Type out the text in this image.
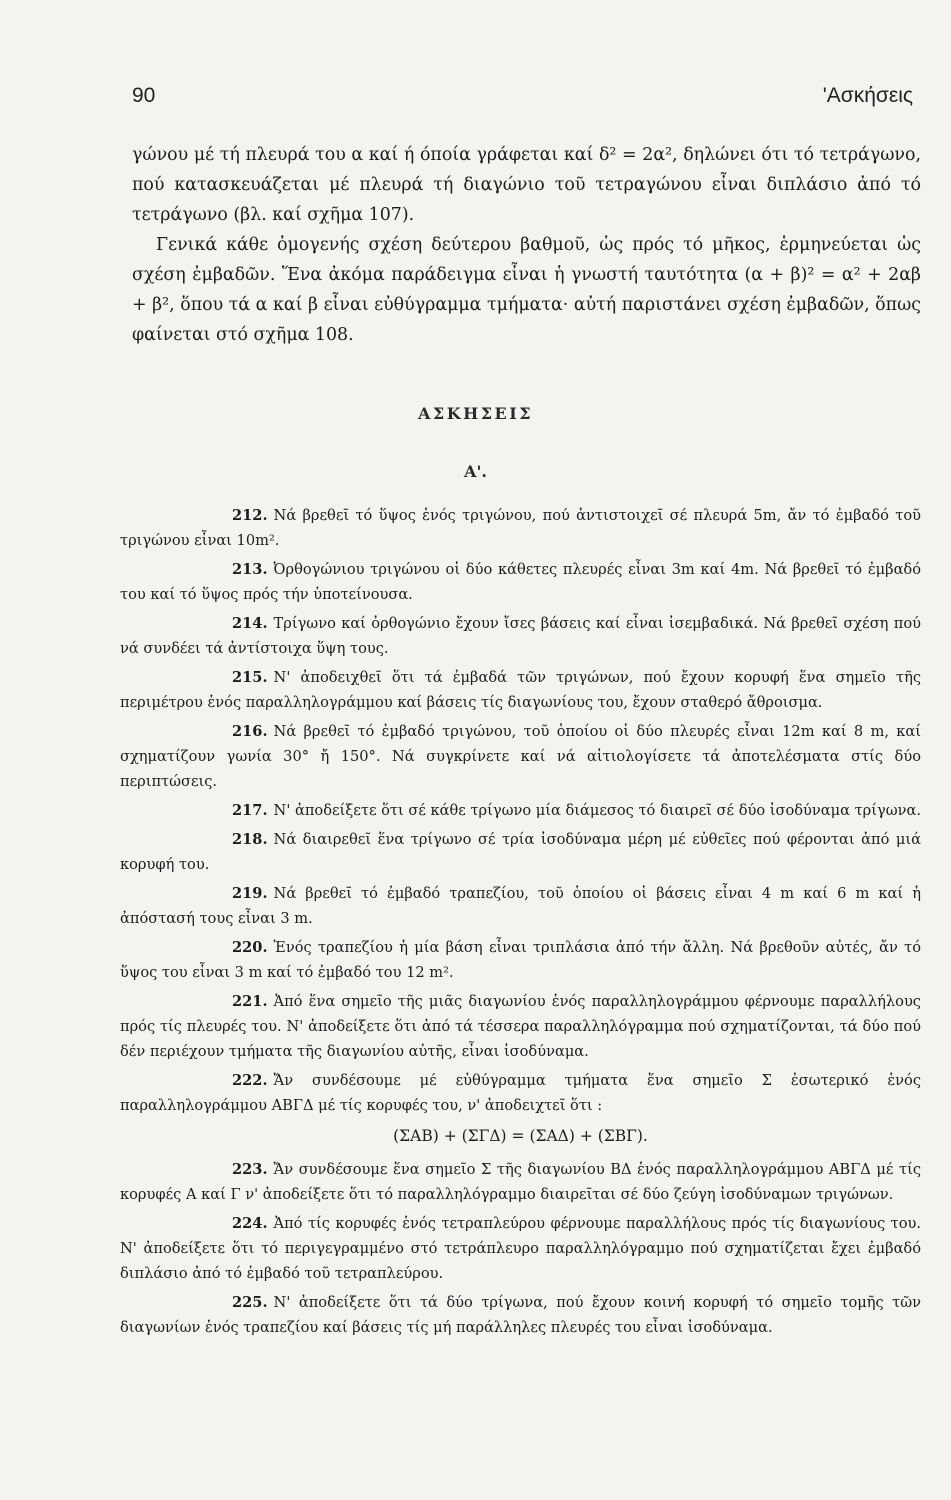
90	'Ασκήσεις

γώνου μέ τή πλευρά του α καί ή όποία γράφεται καί δ² = 2α², δηλώνει ότι τό τετράγωνο, πού κατασκευάζεται μέ πλευρά τή διαγώνιο τοῦ τετραγώνου εἶναι διπλάσιο ἀπό τό τετράγωνο (βλ. καί σχῆμα 107).

Γενικά κάθε ὁμογενής σχέση δεύτερου βαθμοῦ, ὡς πρός τό μῆκος, ἑρμηνεύεται ὡς σχέση ἐμβαδῶν. Ἕνα ἀκόμα παράδειγμα εἶναι ἡ γνωστή ταυτότητα (α + β)² = α² + 2αβ + β², ὅπου τά α καί β εἶναι εὐθύγραμμα τμήματα· αὐτή παριστάνει σχέση ἐμβαδῶν, ὅπως φαίνεται στό σχῆμα 108.

ΑΣΚΗΣΕΙΣ
Α'.

212. Νά βρεθεῖ τό ὕψος ἑνός τριγώνου, πού ἀντιστοιχεῖ σέ πλευρά 5m, ἄν τό ἐμβαδό τοῦ τριγώνου εἶναι 10m².

213. Ὀρθογώνιου τριγώνου οἱ δύο κάθετες πλευρές εἶναι 3m καί 4m. Νά βρεθεῖ τό ἐμβαδό του καί τό ὕψος πρός τήν ὑποτείνουσα.

214. Τρίγωνο καί ὀρθογώνιο ἔχουν ἴσες βάσεις καί εἶναι ἰσεμβαδικά. Νά βρεθεῖ σχέση πού νά συνδέει τά ἀντίστοιχα ὕψη τους.

215. Ν' ἀποδειχθεῖ ὅτι τά ἐμβαδά τῶν τριγώνων, πού ἔχουν κορυφή ἕνα σημεῖο τῆς περιμέτρου ἑνός παραλληλογράμμου καί βάσεις τίς διαγωνίους του, ἔχουν σταθερό ἄθροισμα.

216. Νά βρεθεῖ τό ἐμβαδό τριγώνου, τοῦ ὁποίου οἱ δύο πλευρές εἶναι 12m καί 8 m, καί σχηματίζουν γωνία 30° ἤ 150°. Νά συγκρίνετε καί νά αἰτιολογίσετε τά ἀποτελέσματα στίς δύο περιπτώσεις.

217. Ν' ἀποδείξετε ὅτι σέ κάθε τρίγωνο μία διάμεσος τό διαιρεῖ σέ δύο ἰσοδύναμα τρίγωνα.

218. Νά διαιρεθεῖ ἕνα τρίγωνο σέ τρία ἰσοδύναμα μέρη μέ εὐθεῖες πού φέρονται ἀπό μιά κορυφή του.

219. Νά βρεθεῖ τό ἐμβαδό τραπεζίου, τοῦ ὁποίου οἱ βάσεις εἶναι 4 m καί 6 m καί ἡ ἀπόστασή τους εἶναι 3 m.

220. Ἑνός τραπεζίου ἡ μία βάση εἶναι τριπλάσια ἀπό τήν ἄλλη. Νά βρεθοῦν αὐτές, ἄν τό ὕψος του εἶναι 3 m καί τό ἐμβαδό του 12 m².

221. Ἀπό ἕνα σημεῖο τῆς μιᾶς διαγωνίου ἑνός παραλληλογράμμου φέρνουμε παραλλήλους πρός τίς πλευρές του. Ν' ἀποδείξετε ὅτι ἀπό τά τέσσερα παραλληλόγραμμα πού σχηματίζονται, τά δύο πού δέν περιέχουν τμήματα τῆς διαγωνίου αὐτῆς, εἶναι ἰσοδύναμα.

222. Ἄν συνδέσουμε μέ εὐθύγραμμα τμήματα ἕνα σημεῖο Σ ἐσωτερικό ἑνός παραλληλογράμμου ΑΒΓΔ μέ τίς κορυφές του, ν' ἀποδειχτεῖ ὅτι :

(ΣΑΒ) + (ΣΓΔ) = (ΣΑΔ) + (ΣΒΓ).

223. Ἄν συνδέσουμε ἕνα σημεῖο Σ τῆς διαγωνίου ΒΔ ἑνός παραλληλογράμμου ΑΒΓΔ μέ τίς κορυφές Α καί Γ ν' ἀποδείξετε ὅτι τό παραλληλόγραμμο διαιρεῖται σέ δύο ζεύγη ἰσοδύναμων τριγώνων.

224. Ἀπό τίς κορυφές ἑνός τετραπλεύρου φέρνουμε παραλλήλους πρός τίς διαγωνίους του. Ν' ἀποδείξετε ὅτι τό περιγεγραμμένο στό τετράπλευρο παραλληλόγραμμο πού σχηματίζεται ἔχει ἐμβαδό διπλάσιο ἀπό τό ἐμβαδό τοῦ τετραπλεύρου.

225. Ν' ἀποδείξετε ὅτι τά δύο τρίγωνα, πού ἔχουν κοινή κορυφή τό σημεῖο τομῆς τῶν διαγωνίων ἑνός τραπεζίου καί βάσεις τίς μή παράλληλες πλευρές του εἶναι ἰσοδύναμα.
